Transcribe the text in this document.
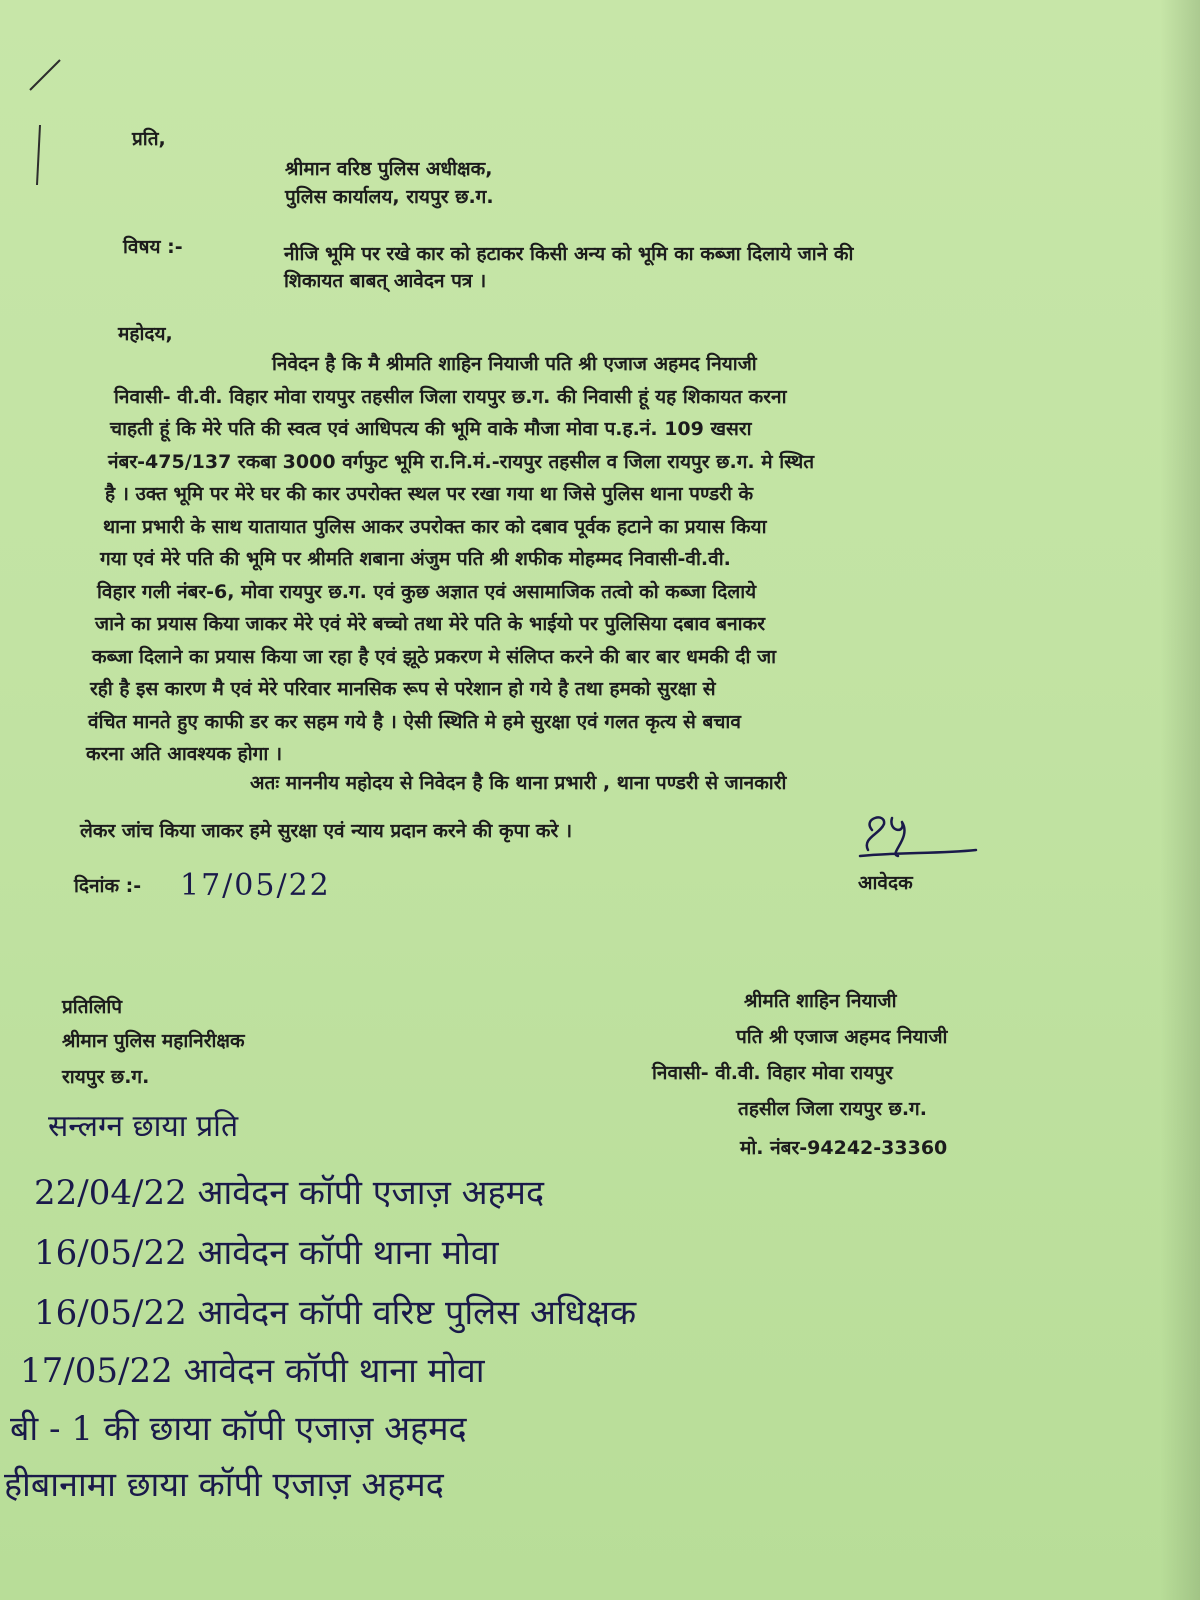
प्रति,
श्रीमान वरिष्ठ पुलिस अधीक्षक,
पुलिस कार्यालय, रायपुर छ.ग.
विषय :-	नीजि भूमि पर रखे कार को हटाकर किसी अन्य को भूमि का कब्जा दिलाये जाने की
शिकायत बाबत् आवेदन पत्र ।
महोदय,
निवेदन है कि मै श्रीमति शाहिन नियाजी पति श्री एजाज अहमद नियाजी
निवासी- वी.वी. विहार मोवा रायपुर तहसील जिला रायपुर छ.ग. की निवासी हूं यह शिकायत करना
चाहती हूं कि मेरे पति की स्वत्व एवं आधिपत्य की भूमि वाके मौजा मोवा प.ह.नं. 109 खसरा
नंबर-475/137 रकबा 3000 वर्गफुट भूमि रा.नि.मं.-रायपुर तहसील व जिला रायपुर छ.ग. मे स्थित
है । उक्त भूमि पर मेरे घर की कार उपरोक्त स्थल पर रखा गया था जिसे पुलिस थाना पण्डरी के
थाना प्रभारी के साथ यातायात पुलिस आकर उपरोक्त कार को दबाव पूर्वक हटाने का प्रयास किया
गया एवं मेरे पति की भूमि पर श्रीमति शबाना अंजुम पति श्री शफीक मोहम्मद निवासी-वी.वी.
विहार गली नंबर-6, मोवा रायपुर छ.ग. एवं कुछ अज्ञात एवं असामाजिक तत्वो को कब्जा दिलाये
जाने का प्रयास किया जाकर मेरे एवं मेरे बच्चो तथा मेरे पति के भाईयो पर पुलिसिया दबाव बनाकर
कब्जा दिलाने का प्रयास किया जा रहा है एवं झूठे प्रकरण मे संलिप्त करने की बार बार धमकी दी जा
रही है इस कारण मै एवं मेरे परिवार मानसिक रूप से परेशान हो गये है तथा हमको सुरक्षा से
वंचित मानते हुए काफी डर कर सहम गये है । ऐसी स्थिति मे हमे सुरक्षा एवं गलत कृत्य से बचाव
करना अति आवश्यक होगा ।
अतः माननीय महोदय से निवेदन है कि थाना प्रभारी , थाना पण्डरी से जानकारी
लेकर जांच किया जाकर हमे सुरक्षा एवं न्याय प्रदान करने की कृपा करे ।
दिनांक :- 17/05/22	आवेदक
प्रतिलिपि
श्रीमान पुलिस महानिरीक्षक
रायपुर छ.ग.
श्रीमति शाहिन नियाजी
पति श्री एजाज अहमद नियाजी
निवासी- वी.वी. विहार मोवा रायपुर
तहसील जिला रायपुर छ.ग.
मो. नंबर-94242-33360
सन्लग्न छाया प्रति
22/04/22 आवेदन कॉपी एजाज़ अहमद
16/05/22 आवेदन कॉपी थाना मोवा
16/05/22 आवेदन कॉपी वरिष्ट पुलिस अधिक्षक
17/05/22 आवेदन कॉपी थाना मोवा
बी - 1 की छाया कॉपी एजाज़ अहमद
हीबानामा छाया कॉपी एजाज़ अहमद
